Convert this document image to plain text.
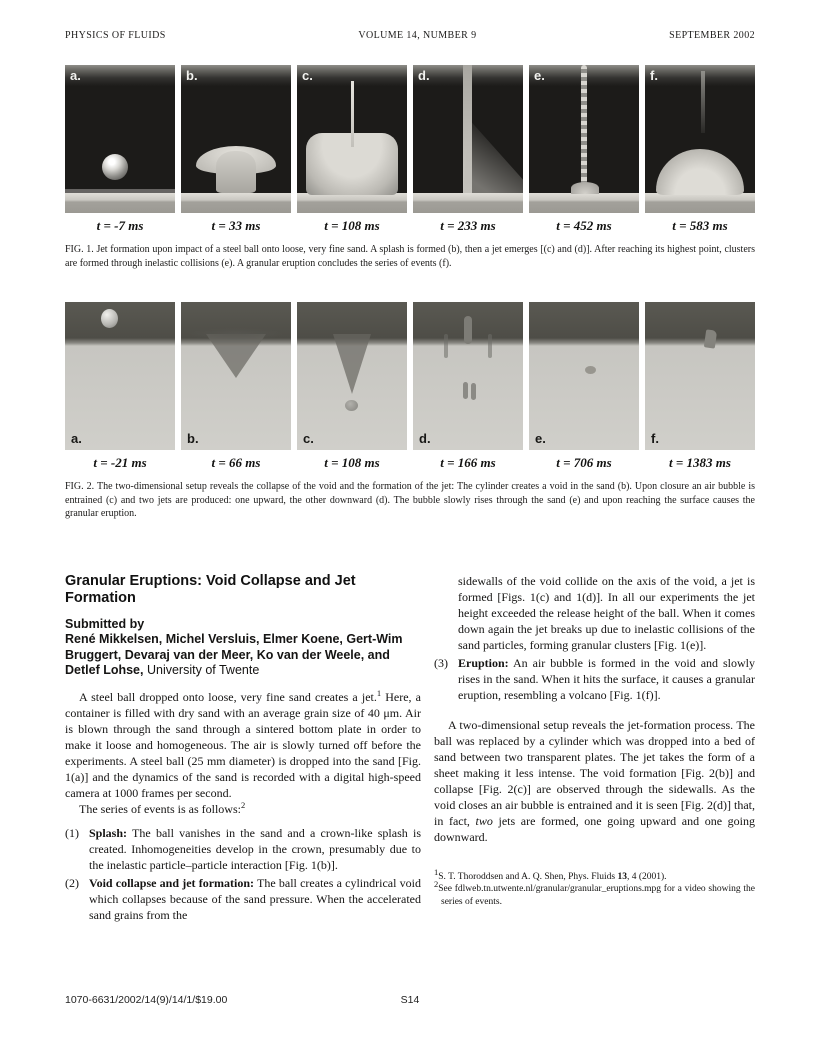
PHYSICS OF FLUIDS	VOLUME 14, NUMBER 9	SEPTEMBER 2002
a.
t = -7 ms
b.
t = 33 ms
c.
t = 108 ms
d.
t = 233 ms
e.
t = 452 ms
f.
t = 583 ms
FIG. 1. Jet formation upon impact of a steel ball onto loose, very fine sand. A splash is formed (b), then a jet emerges [(c) and (d)]. After reaching its highest point, clusters are formed through inelastic collisions (e). A granular eruption concludes the series of events (f).
a.
t = -21 ms
b.
t = 66 ms
c.
t = 108 ms
d.
t = 166 ms
e.
t = 706 ms
f.
t = 1383 ms
FIG. 2. The two-dimensional setup reveals the collapse of the void and the formation of the jet: The cylinder creates a void in the sand (b). Upon closure an air bubble is entrained (c) and two jets are produced: one upward, the other downward (d). The bubble slowly rises through the sand (e) and upon reaching the surface causes the granular eruption.
Granular Eruptions: Void Collapse and Jet Formation
Submitted by
René Mikkelsen, Michel Versluis, Elmer Koene, Gert-Wim Bruggert, Devaraj van der Meer, Ko van der Weele, and Detlef Lohse, University of Twente

A steel ball dropped onto loose, very fine sand creates a jet.$^1$ Here, a container is filled with dry sand with an average grain size of 40 μm. Air is blown through the sand through a sintered bottom plate in order to make it loose and homogeneous. The air is slowly turned off before the experiments. A steel ball (25 mm diameter) is dropped into the sand [Fig. 1(a)] and the dynamics of the sand is recorded with a digital high-speed camera at 1000 frames per second.

The series of events is as follows:$^2$

(1) Splash: The ball vanishes in the sand and a crown-like splash is created. Inhomogeneities develop in the crown, presumably due to the inelastic particle–particle interaction [Fig. 1(b)].
(2) Void collapse and jet formation: The ball creates a cylindrical void which collapses because of the sand pressure. When the accelerated sand grains from the
sidewalls of the void collide on the axis of the void, a jet is formed [Figs. 1(c) and 1(d)]. In all our experiments the jet height exceeded the release height of the ball. When it comes down again the jet breaks up due to inelastic collisions of the sand particles, forming granular clusters [Fig. 1(e)].
(3) Eruption: An air bubble is formed in the void and slowly rises in the sand. When it hits the surface, it causes a granular eruption, resembling a volcano [Fig. 1(f)].

A two-dimensional setup reveals the jet-formation process. The ball was replaced by a cylinder which was dropped into a bed of sand between two transparent plates. The jet takes the form of a sheet making it less intense. The void formation [Fig. 2(b)] and collapse [Fig. 2(c)] are observed through the sidewalls. As the void closes an air bubble is entrained and it is seen [Fig. 2(d)] that, in fact, two jets are formed, one going upward and one going downward.

$^1$S. T. Thoroddsen and A. Q. Shen, Phys. Fluids 13, 4 (2001).
$^2$See fdlweb.tn.utwente.nl/granular/granular_eruptions.mpg for a video showing the series of events.
1070-6631/2002/14(9)/14/1/$19.00	S14
